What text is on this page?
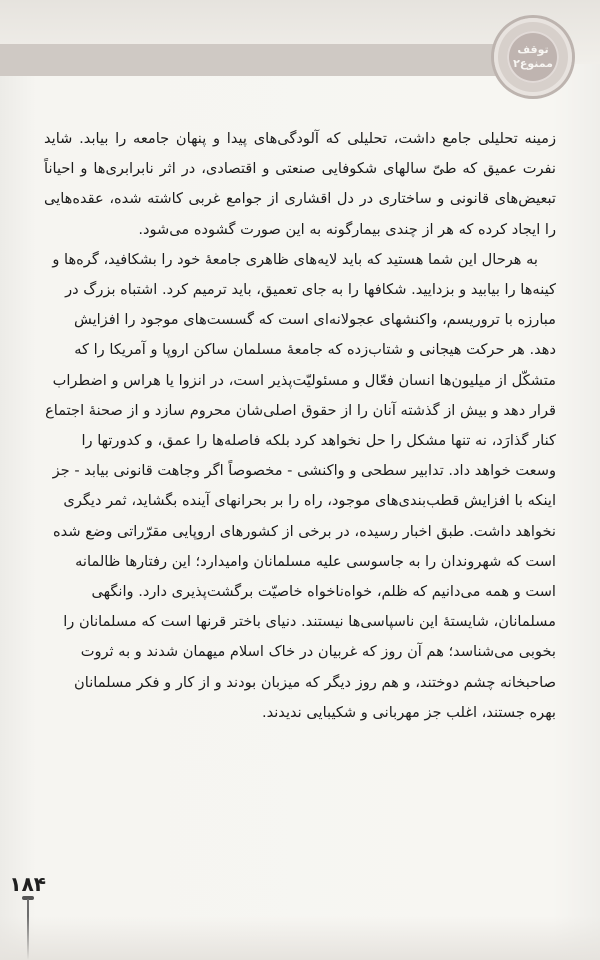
توقف
ممنوع۲

زمینه تحلیلی جامع داشت، تحلیلی که آلودگی‌های پیدا و پنهان جامعه را بیابد. شاید نفرت عمیق که طیّ سالهای شکوفایی صنعتی و اقتصادی، در اثر نابرابری‌ها و احیاناً تبعیض‌های قانونی و ساختاری در دل اقشاری از جوامع غربی کاشته شده، عقده‌هایی را ایجاد کرده که هر از چندی بیمارگونه به این صورت گشوده می‌شود.

به هرحال این شما هستید که باید لایه‌های ظاهری جامعهٔ خود را بشکافید، گره‌ها و کینه‌ها را بیابید و بزدایید. شکافها را به جای تعمیق، باید ترمیم کرد. اشتباه بزرگ در مبارزه با تروریسم، واکنشهای عجولانه‌ای است که گسست‌های موجود را افزایش دهد. هر حرکت هیجانی و شتاب‌زده که جامعهٔ مسلمان ساکن اروپا و آمریکا را که متشکّل از میلیون‌ها انسان فعّال و مسئولیّت‌پذیر است، در انزوا یا هراس و اضطراب قرار دهد و بیش از گذشته آنان را از حقوق اصلی‌شان محروم سازد و از صحنهٔ اجتماع کنار گذارَد، نه تنها مشکل را حل نخواهد کرد بلکه فاصله‌ها را عمق، و کدورتها را وسعت خواهد داد. تدابیر سطحی و واکنشی - مخصوصاً اگر وجاهت قانونی بیابد - جز اینکه با افزایش قطب‌بندی‌های موجود، راه را بر بحرانهای آینده بگشاید، ثمر دیگری نخواهد داشت. طبق اخبار رسیده، در برخی از کشورهای اروپایی مقرّراتی وضع شده است که شهروندان را به جاسوسی علیه مسلمانان وامیدارد؛ این رفتارها ظالمانه است و همه می‌دانیم که ظلم، خواه‌ناخواه خاصیّت برگشت‌پذیری دارد. وانگهی مسلمانان، شایستهٔ این ناسپاسی‌ها نیستند. دنیای باختر قرنها است که مسلمانان را بخوبی می‌شناسد؛ هم آن روز که غربیان در خاک اسلام میهمان شدند و به ثروت صاحبخانه چشم دوختند، و هم روز دیگر که میزبان بودند و از کار و فکر مسلمانان بهره جستند، اغلب جز مهربانی و شکیبایی ندیدند.

۱۸۴
